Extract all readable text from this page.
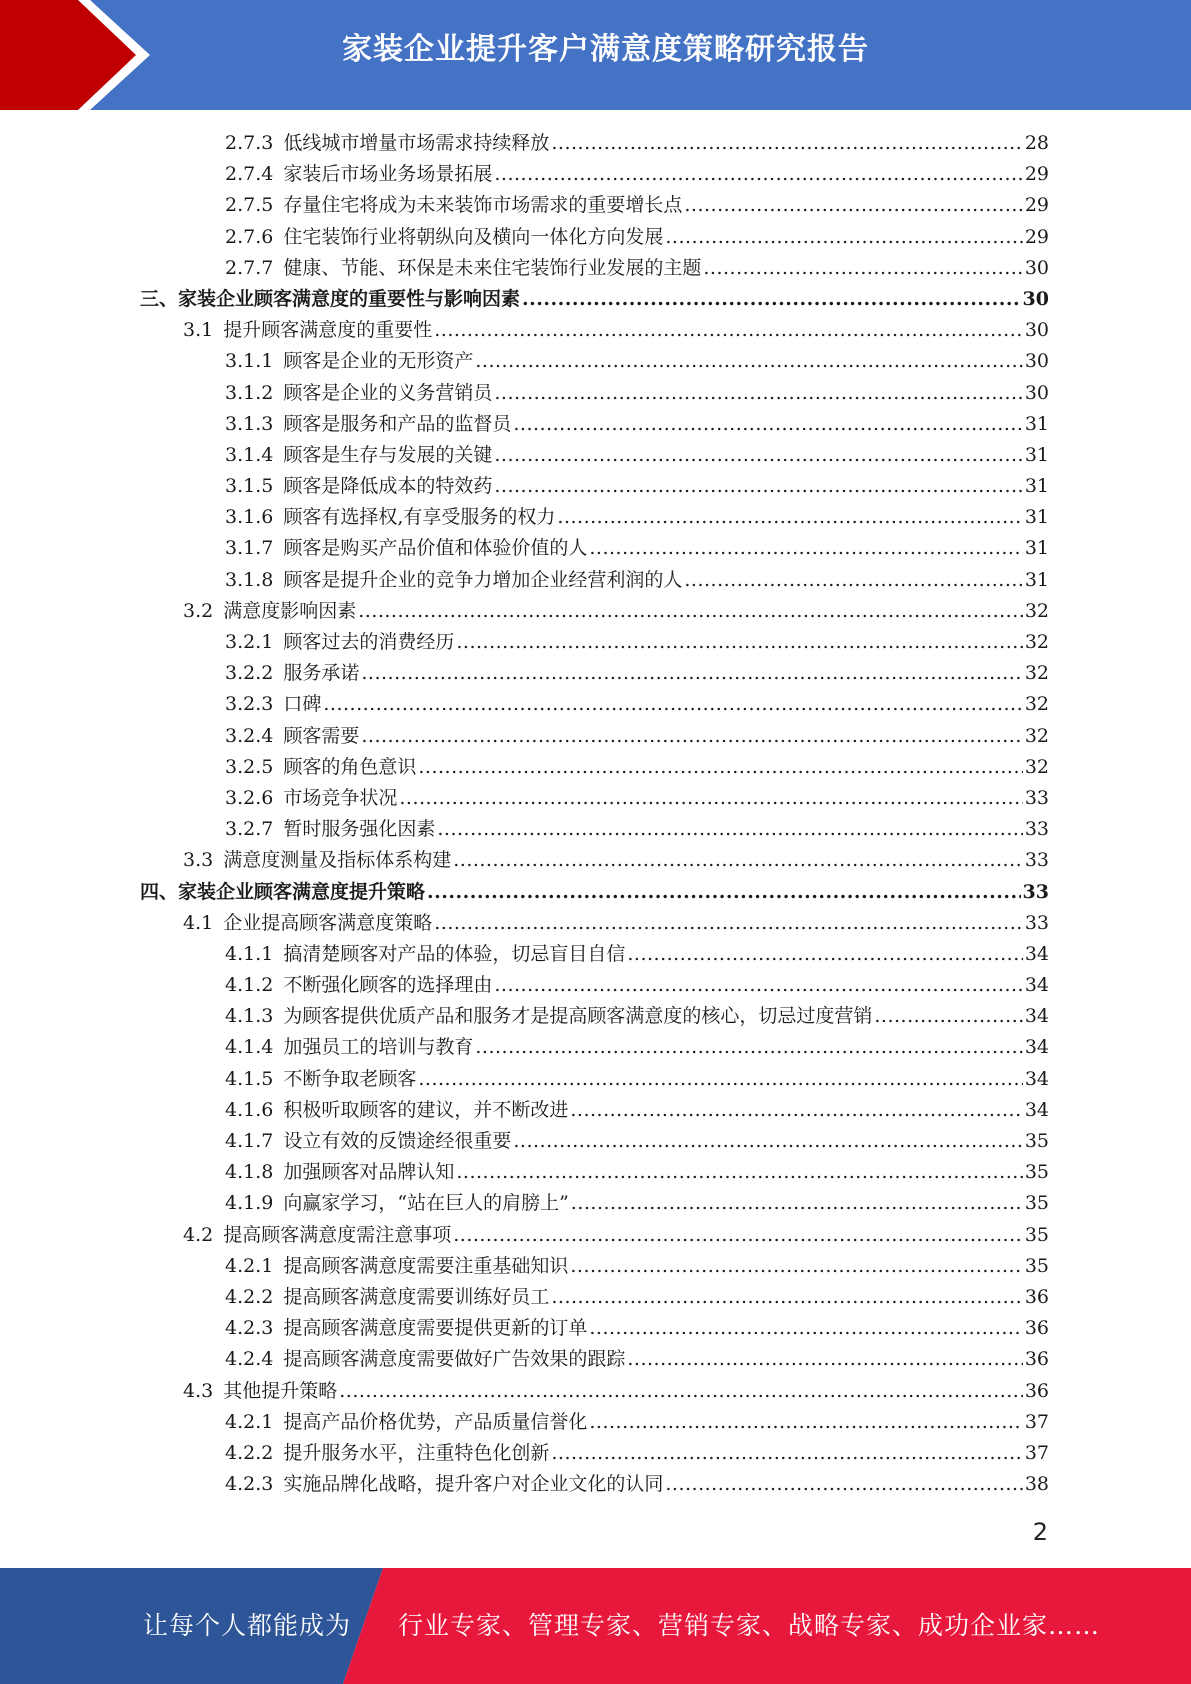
家装企业提升客户满意度策略研究报告
2.7.3 低线城市增量市场需求持续释放 .....	28
2.7.4 家装后市场业务场景拓展 .....	29
2.7.5 存量住宅将成为未来装饰市场需求的重要增长点 .....	29
2.7.6 住宅装饰行业将朝纵向及横向一体化方向发展 .....	29
2.7.7 健康、节能、环保是未来住宅装饰行业发展的主题 .....	30
三、 家装企业顾客满意度的重要性与影响因素 .....	30
3.1 提升顾客满意度的重要性 .....	30
3.1.1 顾客是企业的无形资产 .....	30
3.1.2 顾客是企业的义务营销员 .....	30
3.1.3 顾客是服务和产品的监督员 .....	31
3.1.4 顾客是生存与发展的关键 .....	31
3.1.5 顾客是降低成本的特效药 .....	31
3.1.6 顾客有选择权,有享受服务的权力 .....	31
3.1.7 顾客是购买产品价值和体验价值的人 .....	31
3.1.8 顾客是提升企业的竞争力增加企业经营利润的人 .....	31
3.2 满意度影响因素 .....	32
3.2.1 顾客过去的消费经历 .....	32
3.2.2 服务承诺 .....	32
3.2.3 口碑 .....	32
3.2.4 顾客需要 .....	32
3.2.5 顾客的角色意识 .....	32
3.2.6 市场竞争状况 .....	33
3.2.7 暂时服务强化因素 .....	33
3.3 满意度测量及指标体系构建 .....	33
四、 家装企业顾客满意度提升策略 .....	33
4.1 企业提高顾客满意度策略 .....	33
4.1.1 搞清楚顾客对产品的体验，切忌盲目自信 .....	34
4.1.2 不断强化顾客的选择理由 .....	34
4.1.3 为顾客提供优质产品和服务才是提高顾客满意度的核心，切忌过度营销 .....	34
4.1.4 加强员工的培训与教育 .....	34
4.1.5 不断争取老顾客 .....	34
4.1.6 积极听取顾客的建议，并不断改进 .....	34
4.1.7 设立有效的反馈途经很重要 .....	35
4.1.8 加强顾客对品牌认知 .....	35
4.1.9 向赢家学习，“站在巨人的肩膀上” .....	35
4.2 提高顾客满意度需注意事项 .....	35
4.2.1 提高顾客满意度需要注重基础知识 .....	35
4.2.2 提高顾客满意度需要训练好员工 .....	36
4.2.3 提高顾客满意度需要提供更新的订单 .....	36
4.2.4 提高顾客满意度需要做好广告效果的跟踪 .....	36
4.3 其他提升策略 .....	36
4.2.1 提高产品价格优势，产品质量信誉化 .....	37
4.2.2 提升服务水平，注重特色化创新 .....	37
4.2.3 实施品牌化战略，提升客户对企业文化的认同 .....	38
2
让每个人都能成为 行业专家、管理专家、营销专家、战略专家、成功企业家……
